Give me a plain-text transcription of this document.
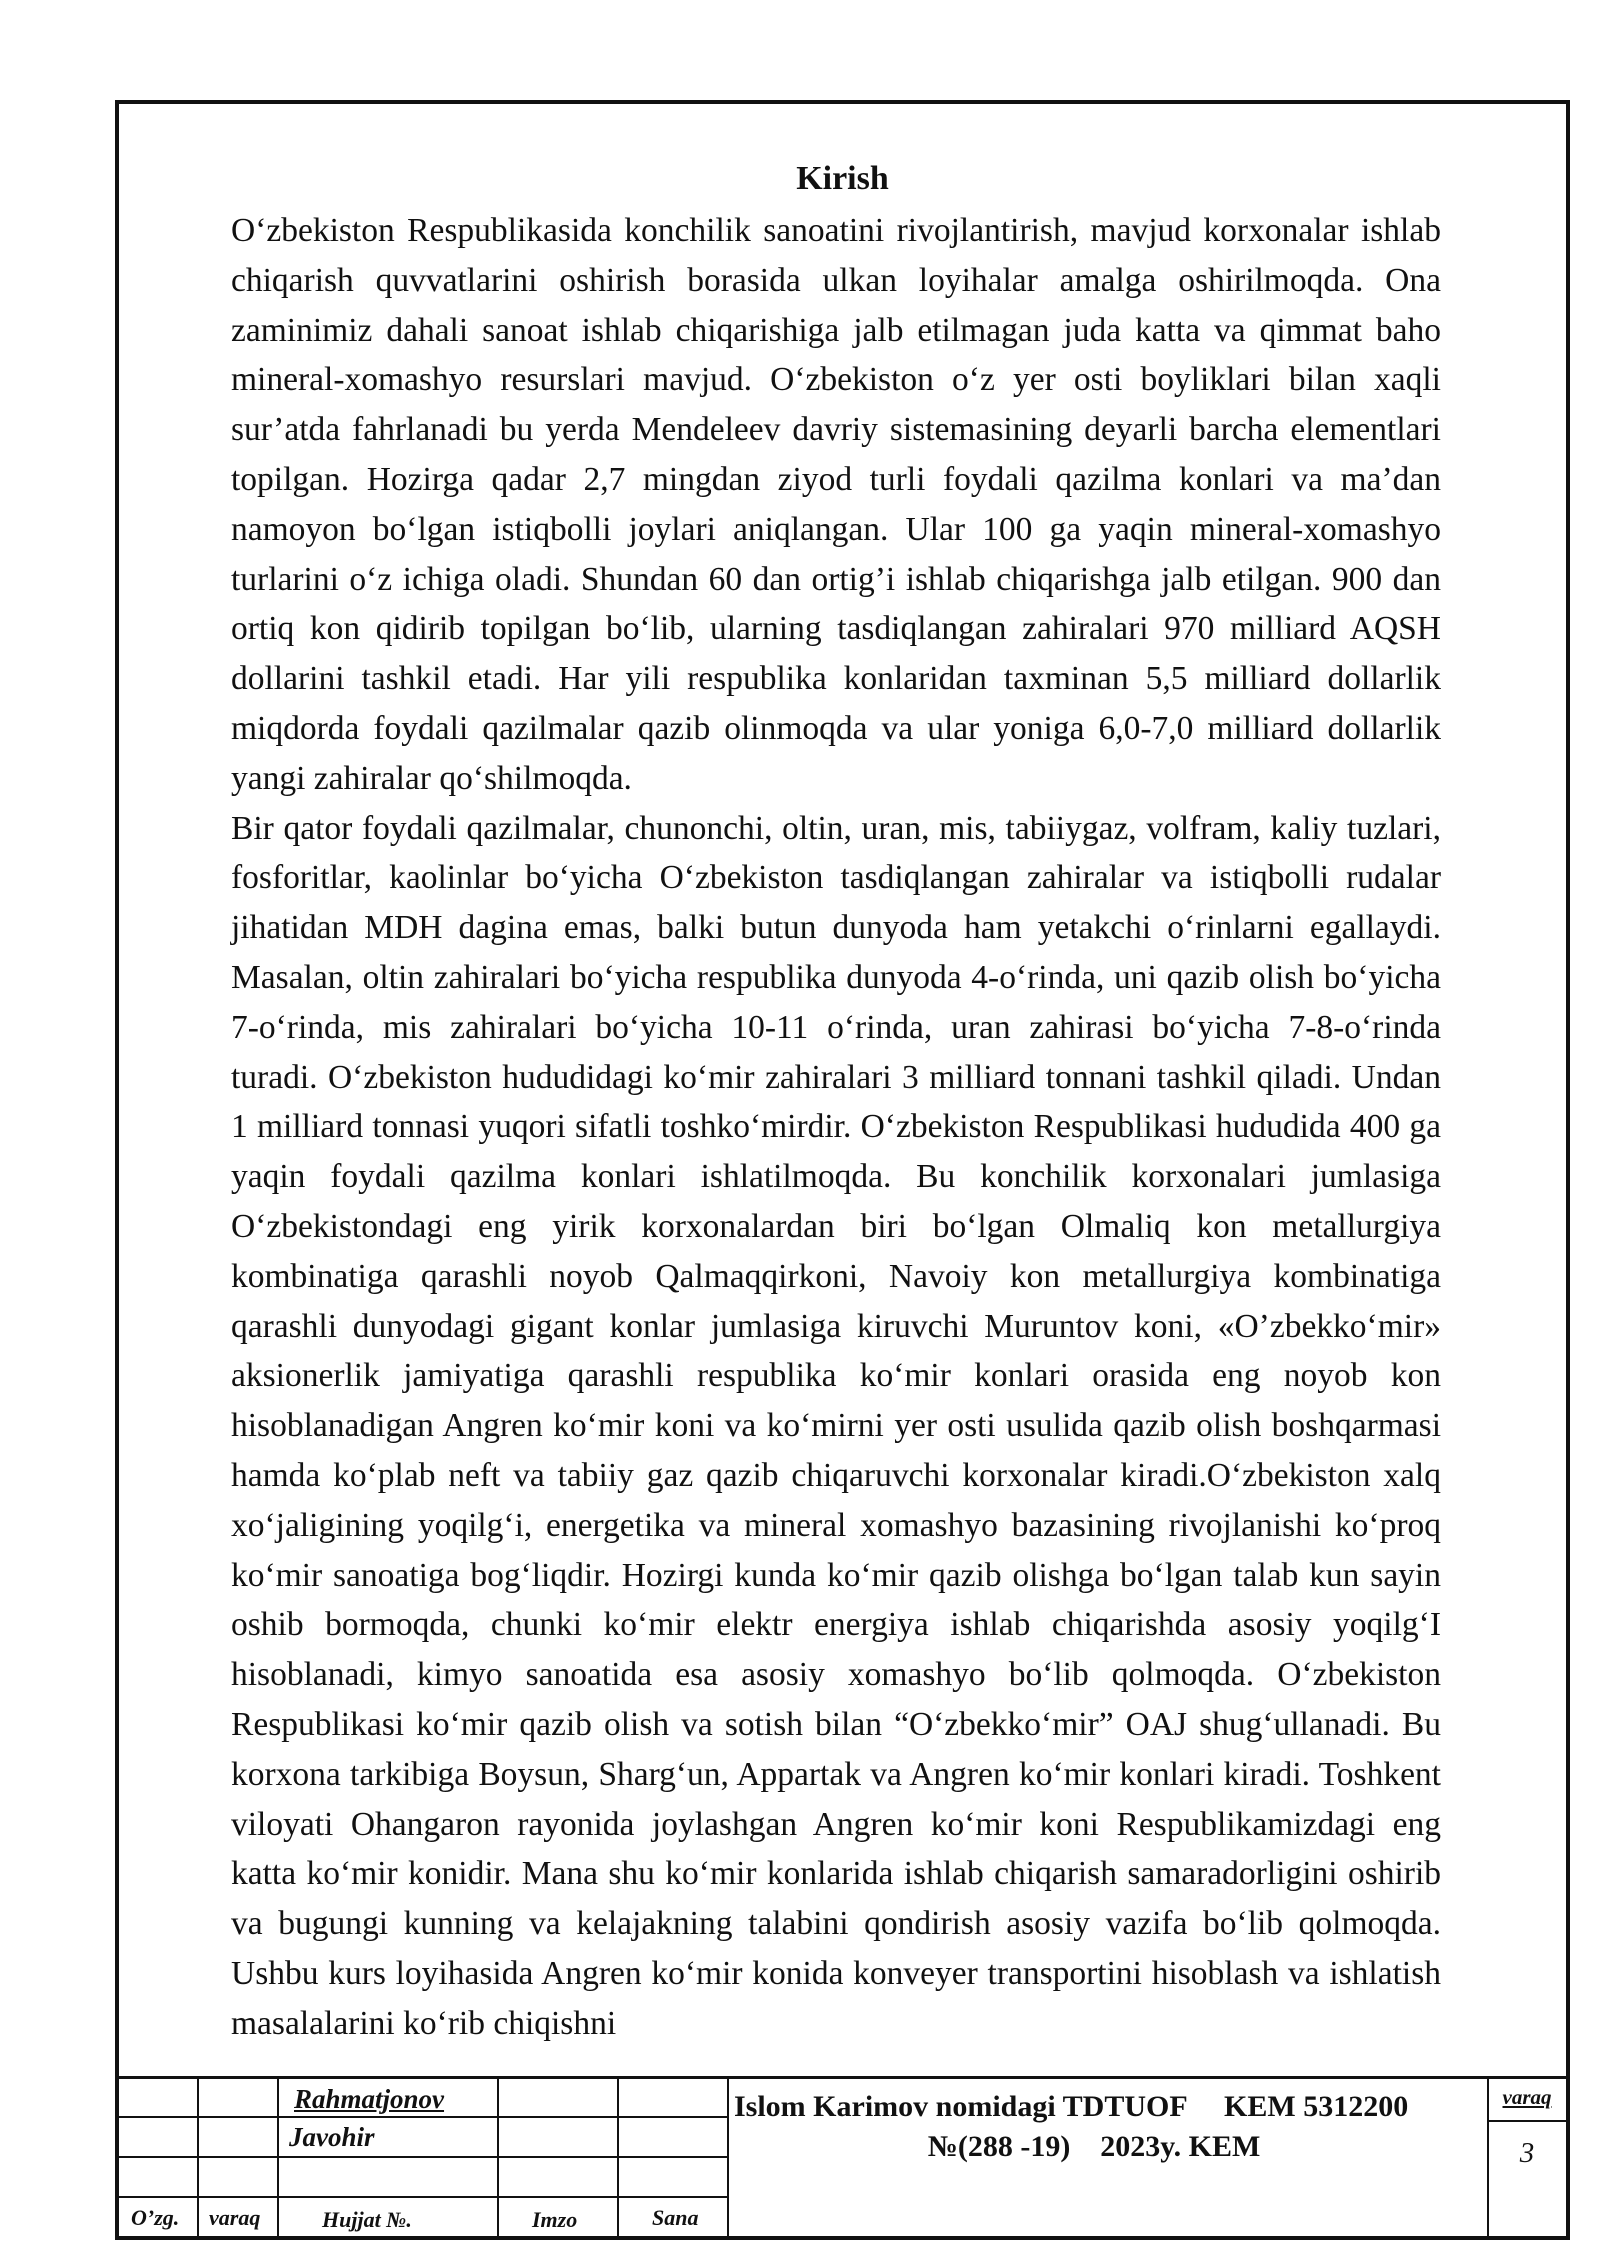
Kirish

O‘zbekiston Respublikasida konchilik sanoatini rivojlantirish, mavjud korxonalar ishlab chiqarish quvvatlarini oshirish borasida ulkan loyihalar amalga oshirilmoqda. Ona zaminimiz dahali sanoat ishlab chiqarishiga jalb etilmagan juda katta va qimmat baho mineral-xomashyo resurslari mavjud. O‘zbekiston o‘z yer osti boyliklari bilan xaqli sur’atda fahrlanadi bu yerda Mendeleev davriy sistemasining deyarli barcha elementlari topilgan. Hozirga qadar 2,7 mingdan ziyod turli foydali qazilma konlari va ma’dan namoyon bo‘lgan istiqbolli joylari aniqlangan. Ular 100 ga yaqin mineral-xomashyo turlarini o‘z ichiga oladi. Shundan 60 dan ortig’i ishlab chiqarishga jalb etilgan. 900 dan ortiq kon qidirib topilgan bo‘lib, ularning tasdiqlangan zahiralari 970 milliard AQSH dollarini tashkil etadi. Har yili respublika konlaridan taxminan 5,5 milliard dollarlik miqdorda foydali qazilmalar qazib olinmoqda va ular yoniga 6,0-7,0 milliard dollarlik yangi zahiralar qo‘shilmoqda.

Bir qator foydali qazilmalar, chunonchi, oltin, uran, mis, tabiiygaz, volfram, kaliy tuzlari, fosforitlar, kaolinlar bo‘yicha O‘zbekiston tasdiqlangan zahiralar va istiqbolli rudalar jihatidan MDH dagina emas, balki butun dunyoda ham yetakchi o‘rinlarni egallaydi. Masalan, oltin zahiralari bo‘yicha respublika dunyoda 4-o‘rinda, uni qazib olish bo‘yicha 7-o‘rinda, mis zahiralari bo‘yicha 10-11 o‘rinda, uran zahirasi bo‘yicha 7-8-o‘rinda turadi. O‘zbekiston hududidagi ko‘mir zahiralari 3 milliard tonnani tashkil qiladi. Undan 1 milliard tonnasi yuqori sifatli toshko‘mirdir. O‘zbekiston Respublikasi hududida 400 ga yaqin foydali qazilma konlari ishlatilmoqda. Bu konchilik korxonalari jumlasiga O‘zbekistondagi eng yirik korxonalardan biri bo‘lgan Olmaliq kon metallurgiya kombinatiga qarashli noyob Qalmaqqirkoni, Navoiy kon metallurgiya kombinatiga qarashli dunyodagi gigant konlar jumlasiga kiruvchi Muruntov koni, «O’zbekko‘mir» aksionerlik jamiyatiga qarashli respublika ko‘mir konlari orasida eng noyob kon hisoblanadigan Angren ko‘mir koni va ko‘mirni yer osti usulida qazib olish boshqarmasi hamda ko‘plab neft va tabiiy gaz qazib chiqaruvchi korxonalar kiradi.O‘zbekiston xalq xo‘jaligining yoqilg‘i, energetika va mineral xomashyo bazasining rivojlanishi ko‘proq ko‘mir sanoatiga bog‘liqdir. Hozirgi kunda ko‘mir qazib olishga bo‘lgan talab kun sayin oshib bormoqda, chunki ko‘mir elektr energiya ishlab chiqarishda asosiy yoqilg‘I hisoblanadi, kimyo sanoatida esa asosiy xomashyo bo‘lib qolmoqda. O‘zbekiston Respublikasi ko‘mir qazib olish va sotish bilan “O‘zbekko‘mir” OAJ shug‘ullanadi. Bu korxona tarkibiga Boysun, Sharg‘un, Appartak va Angren ko‘mir konlari kiradi. Toshkent viloyati Ohangaron rayonida joylashgan Angren ko‘mir koni Respublikamizdagi eng katta ko‘mir konidir. Mana shu ko‘mir konlarida ishlab chiqarish samaradorligini oshirib va bugungi kunning va kelajakning talabini qondirish asosiy vazifa bo‘lib qolmoqda. Ushbu kurs loyihasida Angren ko‘mir konida konveyer transportini hisoblash va ishlatish masalalarini ko‘rib chiqishni

Rahmatjonov
Javohir
O’zg. varaq	Hujjat №.	Imzo	Sana
Islom Karimov nomidagi TDTUOF     KEM 5312200
№(288 -19)    2023y. KEM
varaq
3
